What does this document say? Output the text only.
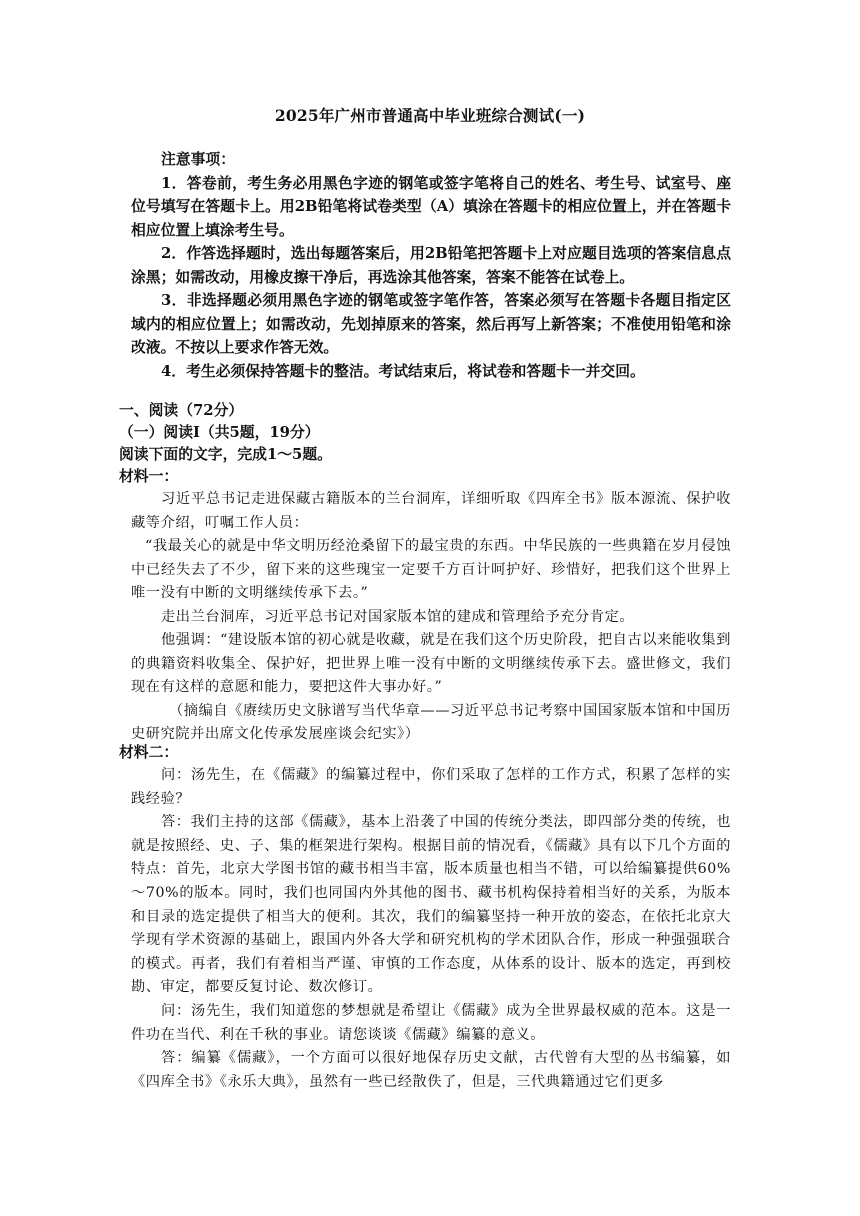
2025年广州市普通高中毕业班综合测试(一)
注意事项：

1．答卷前，考生务必用黑色字迹的钢笔或签字笔将自己的姓名、考生号、试室号、座位号填写在答题卡上。用2B铅笔将试卷类型（A）填涂在答题卡的相应位置上，并在答题卡相应位置上填涂考生号。

2．作答选择题时，选出每题答案后，用2B铅笔把答题卡上对应题目选项的答案信息点涂黑；如需改动，用橡皮擦干净后，再选涂其他答案，答案不能答在试卷上。

3．非选择题必须用黑色字迹的钢笔或签字笔作答，答案必须写在答题卡各题目指定区域内的相应位置上；如需改动，先划掉原来的答案，然后再写上新答案；不准使用铅笔和涂改液。不按以上要求作答无效。

4．考生必须保持答题卡的整洁。考试结束后，将试卷和答题卡一并交回。

一、阅读（72分）
（一）阅读Ⅰ（共5题，19分）
阅读下面的文字，完成1～5题。
材料一：

习近平总书记走进保藏古籍版本的兰台洞库，详细听取《四库全书》版本源流、保护收藏等介绍，叮嘱工作人员：

“我最关心的就是中华文明历经沧桑留下的最宝贵的东西。中华民族的一些典籍在岁月侵蚀中已经失去了不少，留下来的这些瑰宝一定要千方百计呵护好、珍惜好，把我们这个世界上唯一没有中断的文明继续传承下去。”

走出兰台洞库，习近平总书记对国家版本馆的建成和管理给予充分肯定。

他强调：“建设版本馆的初心就是收藏，就是在我们这个历史阶段，把自古以来能收集到的典籍资料收集全、保护好，把世界上唯一没有中断的文明继续传承下去。盛世修文，我们现在有这样的意愿和能力，要把这件大事办好。”

（摘编自《赓续历史文脉谱写当代华章——习近平总书记考察中国国家版本馆和中国历史研究院并出席文化传承发展座谈会纪实》）

材料二：

问：汤先生，在《儒藏》的编纂过程中，你们采取了怎样的工作方式，积累了怎样的实践经验？

答：我们主持的这部《儒藏》，基本上沿袭了中国的传统分类法，即四部分类的传统，也就是按照经、史、子、集的框架进行架构。根据目前的情况看，《儒藏》具有以下几个方面的特点：首先，北京大学图书馆的藏书相当丰富，版本质量也相当不错，可以给编纂提供60%～70%的版本。同时，我们也同国内外其他的图书、藏书机构保持着相当好的关系，为版本和目录的选定提供了相当大的便利。其次，我们的编纂坚持一种开放的姿态，在依托北京大学现有学术资源的基础上，跟国内外各大学和研究机构的学术团队合作，形成一种强强联合的模式。再者，我们有着相当严谨、审慎的工作态度，从体系的设计、版本的选定，再到校勘、审定，都要反复讨论、数次修订。

问：汤先生，我们知道您的梦想就是希望让《儒藏》成为全世界最权威的范本。这是一件功在当代、利在千秋的事业。请您谈谈《儒藏》编纂的意义。

答：编纂《儒藏》，一个方面可以很好地保存历史文献，古代曾有大型的丛书编纂，如《四库全书》《永乐大典》，虽然有一些已经散佚了，但是，三代典籍通过它们更多
